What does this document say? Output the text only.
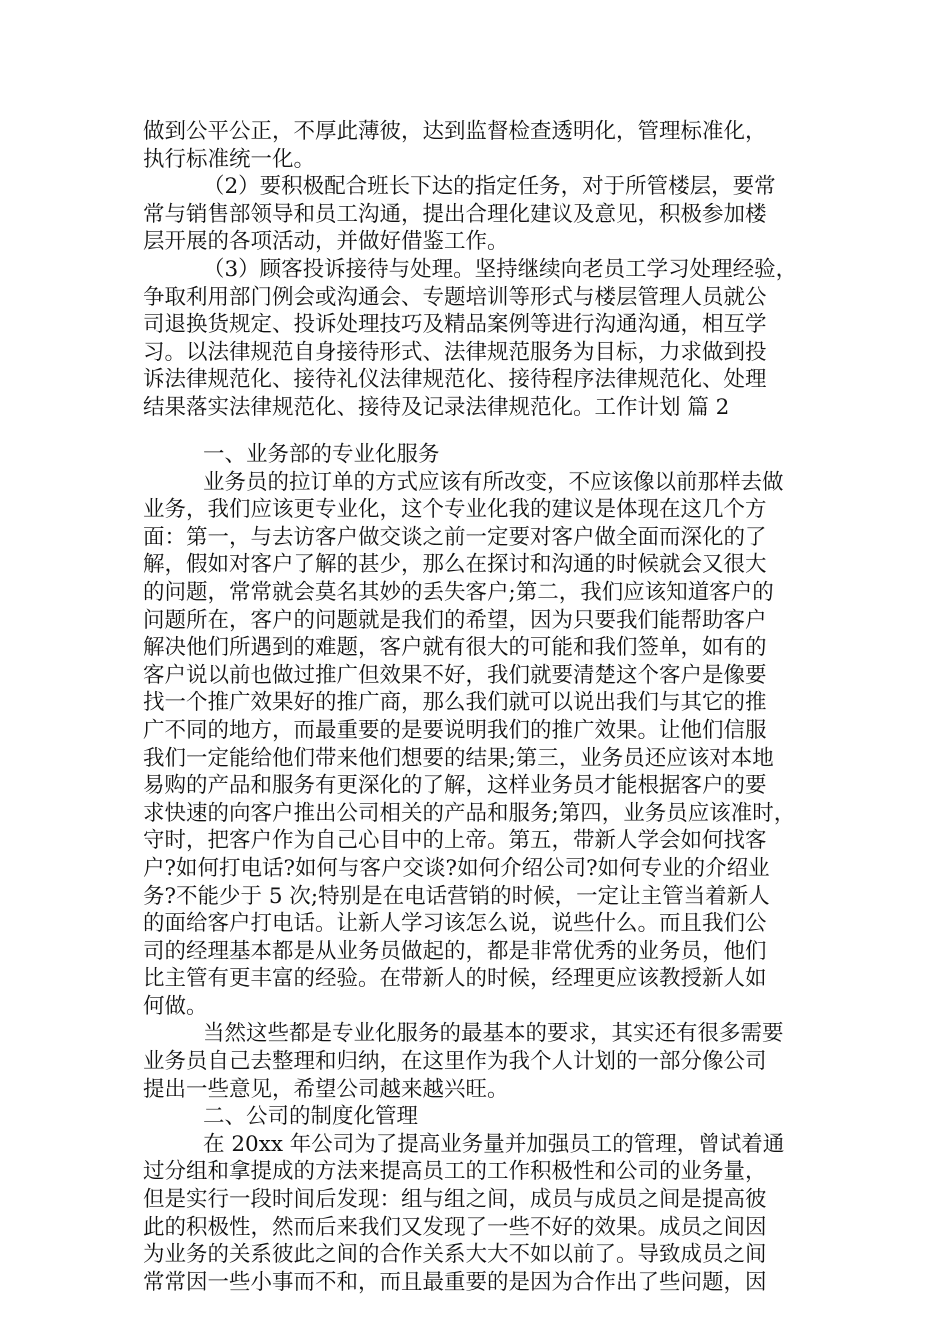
做到公平公正，不厚此薄彼，达到监督检查透明化，管理标准化，
执行标准统一化。
（2）要积极配合班长下达的指定任务，对于所管楼层，要常
常与销售部领导和员工沟通，提出合理化建议及意见，积极参加楼
层开展的各项活动，并做好借鉴工作。
（3）顾客投诉接待与处理。坚持继续向老员工学习处理经验，
争取利用部门例会或沟通会、专题培训等形式与楼层管理人员就公
司退换货规定、投诉处理技巧及精品案例等进行沟通沟通，相互学
习。以法律规范自身接待形式、法律规范服务为目标，力求做到投
诉法律规范化、接待礼仪法律规范化、接待程序法律规范化、处理
结果落实法律规范化、接待及记录法律规范化。工作计划 篇 2
一、业务部的专业化服务
业务员的拉订单的方式应该有所改变，不应该像以前那样去做
业务，我们应该更专业化，这个专业化我的建议是体现在这几个方
面：第一，与去访客户做交谈之前一定要对客户做全面而深化的了
解，假如对客户了解的甚少，那么在探讨和沟通的时候就会又很大
的问题，常常就会莫名其妙的丢失客户;第二，我们应该知道客户的
问题所在，客户的问题就是我们的希望，因为只要我们能帮助客户
解决他们所遇到的难题，客户就有很大的可能和我们签单，如有的
客户说以前也做过推广但效果不好，我们就要清楚这个客户是像要
找一个推广效果好的推广商，那么我们就可以说出我们与其它的推
广不同的地方，而最重要的是要说明我们的推广效果。让他们信服
我们一定能给他们带来他们想要的结果;第三，业务员还应该对本地
易购的产品和服务有更深化的了解，这样业务员才能根据客户的要
求快速的向客户推出公司相关的产品和服务;第四，业务员应该准时，
守时，把客户作为自己心目中的上帝。第五，带新人学会如何找客
户?如何打电话?如何与客户交谈?如何介绍公司?如何专业的介绍业
务?不能少于 5 次;特别是在电话营销的时候，一定让主管当着新人
的面给客户打电话。让新人学习该怎么说，说些什么。而且我们公
司的经理基本都是从业务员做起的，都是非常优秀的业务员，他们
比主管有更丰富的经验。在带新人的时候，经理更应该教授新人如
何做。
当然这些都是专业化服务的最基本的要求，其实还有很多需要
业务员自己去整理和归纳，在这里作为我个人计划的一部分像公司
提出一些意见，希望公司越来越兴旺。
二、公司的制度化管理
在 20xx 年公司为了提高业务量并加强员工的管理，曾试着通
过分组和拿提成的方法来提高员工的工作积极性和公司的业务量，
但是实行一段时间后发现：组与组之间，成员与成员之间是提高彼
此的积极性，然而后来我们又发现了一些不好的效果。成员之间因
为业务的关系彼此之间的合作关系大大不如以前了。导致成员之间
常常因一些小事而不和，而且最重要的是因为合作出了些问题，因
